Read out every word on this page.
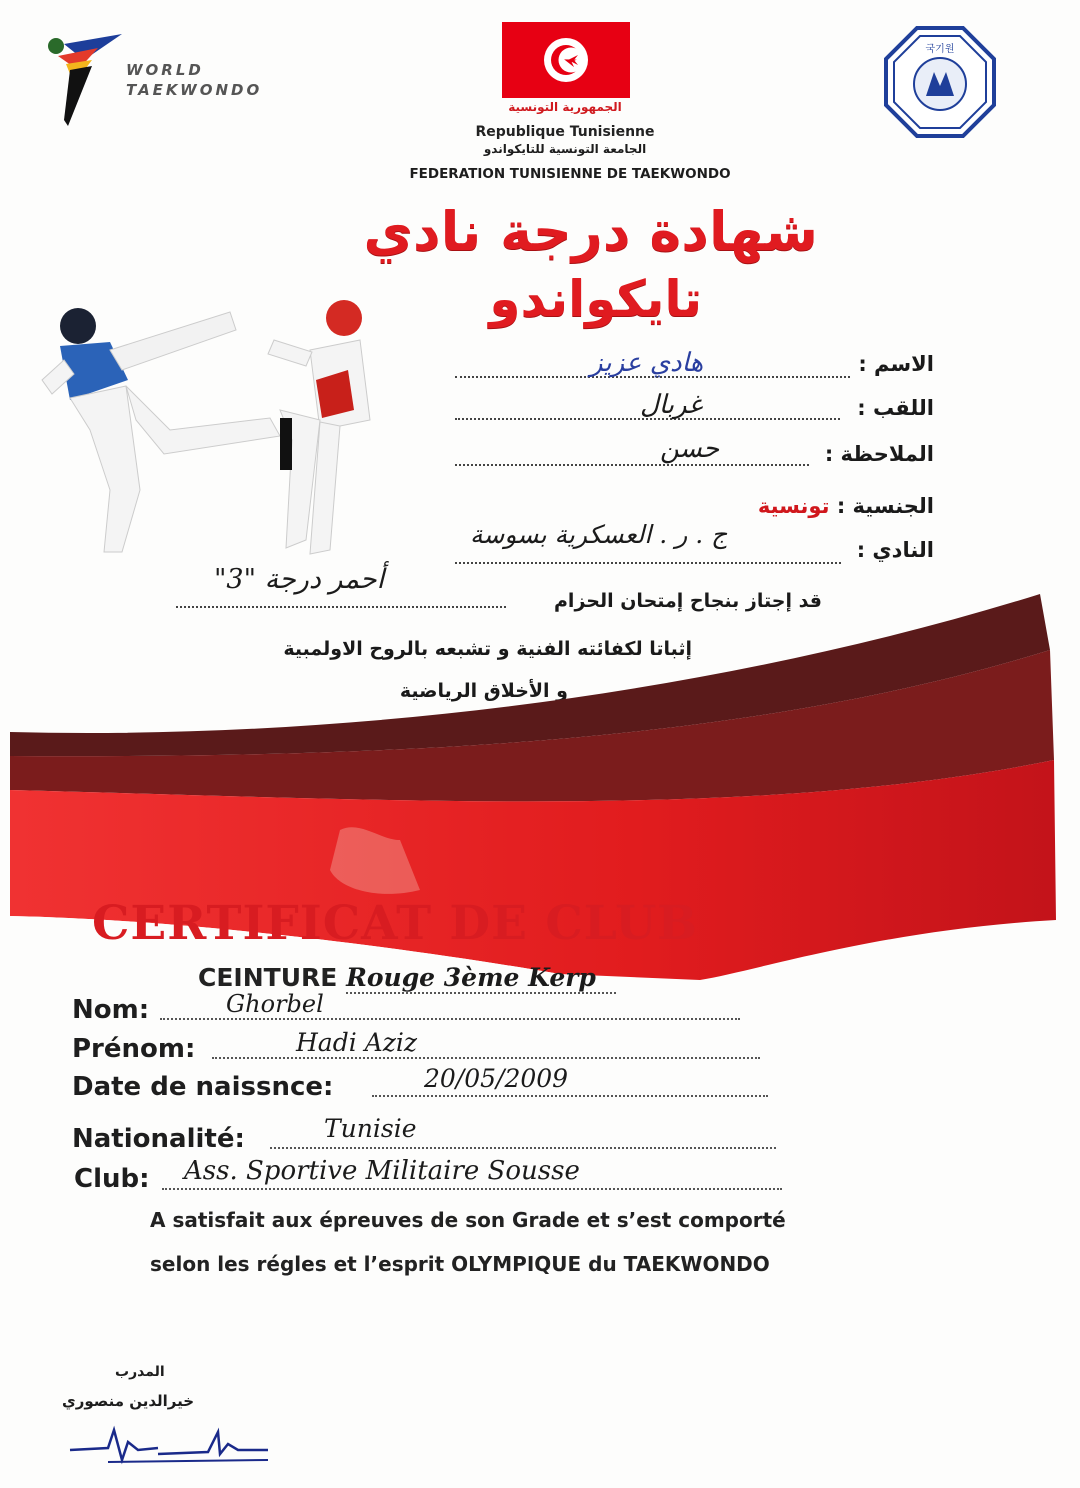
WORLD
TAEKWONDO
الجمهورية التونسية
Republique Tunisienne
الجامعة التونسية للتايكواندو
FEDERATION TUNISIENNE DE TAEKWONDO
국기원
شهادة درجة نادي
تايكواندو
الاسم :
هادي عزيز
اللقب :
غربال
الملاحظة :
حسن
الجنسية : تونسية
النادي :
ج . ر . العسكرية بسوسة
قد إجتاز بنجاح إمتحان الحزام
أحمر درجة "3"
إثباتا لكفائته الفنية و تشبعه بالروح الاولمبية
و الأخلاق الرياضية
CERTIFICAT DE CLUB
CEINTURE Rouge 3ème Kerp
Nom:	Ghorbel
Prénom:	Hadi Aziz
Date de naissnce:	20/05/2009
Nationalité:	Tunisie
Club: Ass. Sportive Militaire Sousse
A satisfait aux épreuves de son Grade et s’est comporté
selon les régles et l’esprit OLYMPIQUE du TAEKWONDO
المدرب
خيرالدين منصوري
